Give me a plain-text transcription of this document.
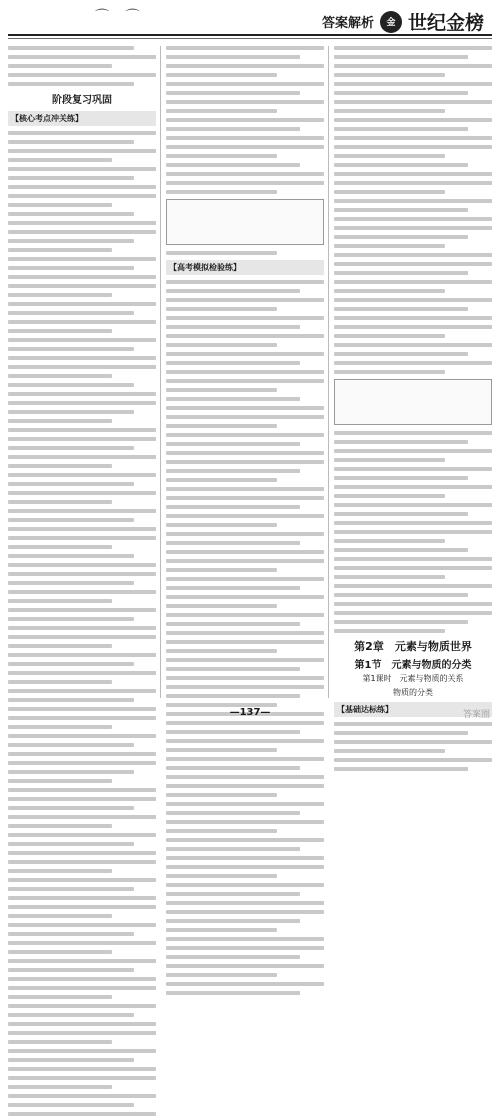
⌒ ⌒	答案解析	金 世纪金榜
阶段复习巩固
【核心考点冲关练】
【高考模拟检验练】
第2章　元素与物质世界
第1节　元素与物质的分类
第1课时　元素与物质的关系
物质的分类
【基础达标练】
—137—	答案圈
